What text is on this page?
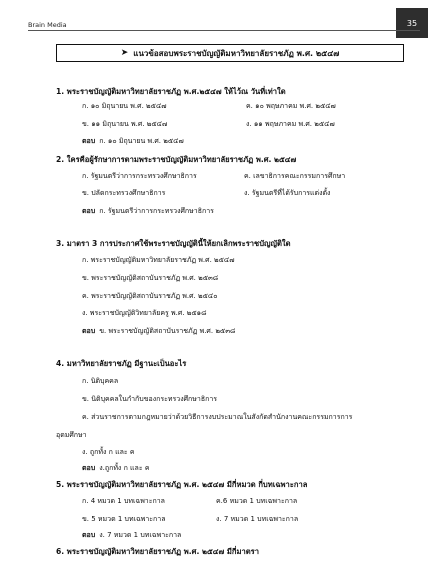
Brain Media	35
➤ แนวข้อสอบพระราชบัญญัติมหาวิทยาลัยราชภัฏ พ.ศ. ๒๕๔๗
1. พระราชบัญญัติมหาวิทยาลัยราชภัฏ พ.ศ.๒๕๔๗ ให้ไว้ณ วันที่เท่าใด
ก. ๑๐ มิถุนายน พ.ศ. ๒๕๔๗	ค. ๑๐ พฤษภาคม พ.ศ. ๒๕๔๗
ข. ๑๑ มิถุนายน พ.ศ. ๒๕๔๗	ง. ๑๑ พฤษภาคม พ.ศ. ๒๕๔๗
ตอบ ก. ๑๐ มิถุนายน พ.ศ. ๒๕๔๗
2. ใครคือผู้รักษาการตามพระราชบัญญัติมหาวิทยาลัยราชภัฏ พ.ศ. ๒๕๔๗
ก. รัฐมนตรีว่าการกระทรวงศึกษาธิการ	ค. เลขาธิการคณะกรรมการศึกษา
ข. ปลัดกระทรวงศึกษาธิการ	ง. รัฐมนตรีที่ได้รับการแต่งตั้ง
ตอบ ก. รัฐมนตรีว่าการกระทรวงศึกษาธิการ
3. มาตรา 3 การประกาศใช้พระราชบัญญัตินี้ให้ยกเลิกพระราชบัญญัติใด
ก. พระราชบัญญัติมหาวิทยาลัยราชภัฏ พ.ศ. ๒๕๔๗
ข. พระราชบัญญัติสถาบันราชภัฏ พ.ศ. ๒๕๓๘
ค. พระราชบัญญัติสถาบันราชภัฏ พ.ศ. ๒๕๔๐
ง. พระราชบัญญัติวิทยาลัยครู พ.ศ. ๒๕๑๘
ตอบ ข. พระราชบัญญัติสถาบันราชภัฏ พ.ศ. ๒๕๓๘
4. มหาวิทยาลัยราชภัฏ มีฐานะเป็นอะไร
ก. นิติบุคคล
ข. นิติบุคคลในกำกับของกระทรวงศึกษาธิการ
ค. ส่วนราชการตามกฎหมายว่าด้วยวิธีการงบประมาณในสังกัดสำนักงานคณะกรรมการการ
อุดมศึกษา
ง. ถูกทั้ง ก และ ค
ตอบ ง.ถูกทั้ง ก และ ค
5. พระราชบัญญัติมหาวิทยาลัยราชภัฏ พ.ศ. ๒๕๔๗ มีกี่หมวด กี่บทเฉพาะกาล
ก. 4 หมวด 1 บทเฉพาะกาล	ค.6 หมวด 1 บทเฉพาะกาล
ข. 5 หมวด 1 บทเฉพาะกาล	ง. 7 หมวด 1 บทเฉพาะกาล
ตอบ ง. 7 หมวด 1 บทเฉพาะกาล
6. พระราชบัญญัติมหาวิทยาลัยราชภัฏ พ.ศ. ๒๕๔๗ มีกี่มาตรา
